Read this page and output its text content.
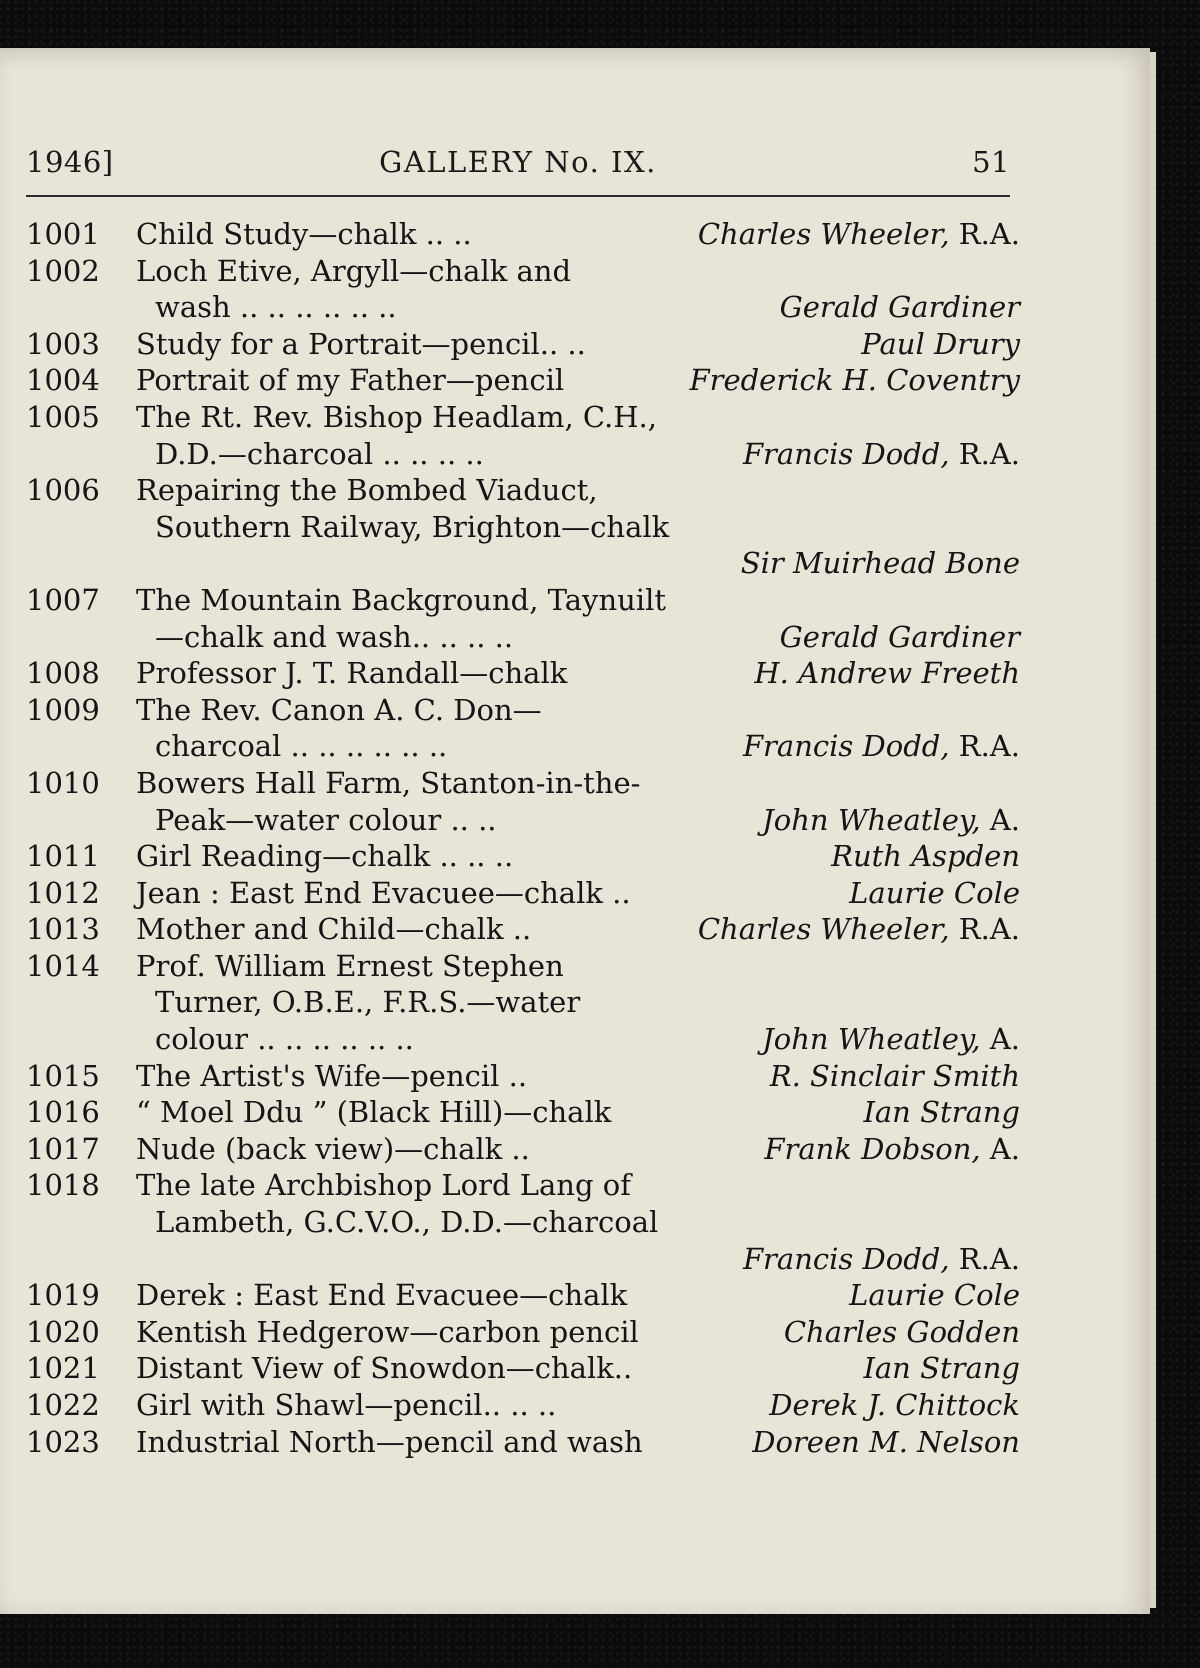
1946]	GALLERY No. IX.	51
1001 Child Study—chalk .. ..	Charles Wheeler, R.A.
1002 Loch Etive, Argyll—chalk and
wash .. .. .. .. .. ..	Gerald Gardiner
1003 Study for a Portrait—pencil.. ..	Paul Drury
1004 Portrait of my Father—pencil	Frederick H. Coventry
1005 The Rt. Rev. Bishop Headlam, C.H.,
D.D.—charcoal .. .. .. ..	Francis Dodd, R.A.
1006 Repairing the Bombed Viaduct,
Southern Railway, Brighton—chalk
Sir Muirhead Bone
1007 The Mountain Background, Taynuilt
—chalk and wash.. .. .. ..	Gerald Gardiner
1008 Professor J. T. Randall—chalk	H. Andrew Freeth
1009 The Rev. Canon A. C. Don—
charcoal .. .. .. .. .. ..	Francis Dodd, R.A.
1010 Bowers Hall Farm, Stanton-in-the-
Peak—water colour .. ..	John Wheatley, A.
1011 Girl Reading—chalk .. .. ..	Ruth Aspden
1012 Jean : East End Evacuee—chalk ..	Laurie Cole
1013 Mother and Child—chalk ..	Charles Wheeler, R.A.
1014 Prof. William Ernest Stephen
Turner, O.B.E., F.R.S.—water
colour .. .. .. .. .. ..	John Wheatley, A.
1015 The Artist's Wife—pencil ..	R. Sinclair Smith
1016 “ Moel Ddu ” (Black Hill)—chalk	Ian Strang
1017 Nude (back view)—chalk ..	Frank Dobson, A.
1018 The late Archbishop Lord Lang of
Lambeth, G.C.V.O., D.D.—charcoal
Francis Dodd, R.A.
1019 Derek : East End Evacuee—chalk	Laurie Cole
1020 Kentish Hedgerow—carbon pencil	Charles Godden
1021 Distant View of Snowdon—chalk..	Ian Strang
1022 Girl with Shawl—pencil.. .. ..	Derek J. Chittock
1023 Industrial North—pencil and wash	Doreen M. Nelson
